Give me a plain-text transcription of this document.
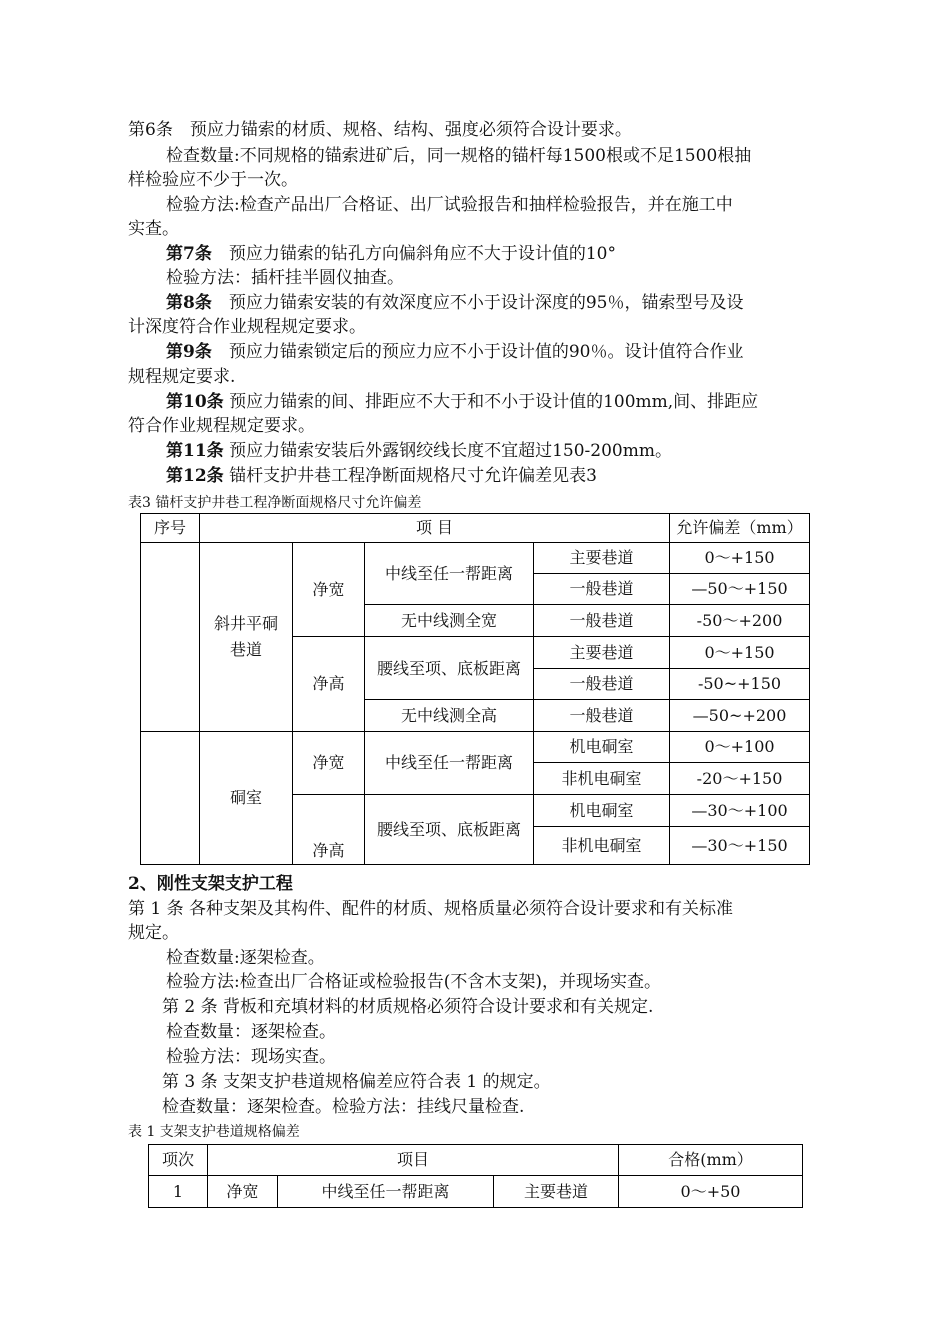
第6条　 预应力锚索的材质、规格、结构、强度必须符合设计要求。
检查数量:不同规格的锚索进矿后，同一规格的锚杆每1500根或不足1500根抽
样检验应不少于一次。
检验方法:检查产品出厂合格证、出厂试验报告和抽样检验报告，并在施工中
实查。
第7条　 预应力锚索的钻孔方向偏斜角应不大于设计值的10°
检验方法：插杆挂半圆仪抽查。
第8条　 预应力锚索安装的有效深度应不小于设计深度的95％，锚索型号及设
计深度符合作业规程规定要求。
第9条　 预应力锚索锁定后的预应力应不小于设计值的90％。设计值符合作业
规程规定要求.
第10条 预应力锚索的间、排距应不大于和不小于设计值的100mm,间、排距应
符合作业规程规定要求。
第11条 预应力锚索安装后外露钢绞线长度不宜超过150-200mm。
第12条 锚杆支护井巷工程净断面规格尺寸允许偏差见表3
表3 锚杆支护井巷工程净断面规格尺寸允许偏差
序号	项 目				允许偏差（mm）
	斜井平硐巷道	净宽	中线至任一帮距离	主要巷道	0～+150
				一般巷道	—50～+150
			无中线测全宽	一般巷道	-50～+200
		净高	腰线至项、底板距离	主要巷道	0～+150
				一般巷道	-50~+150
			无中线测全高	一般巷道	—50~+200
	硐室	净宽	中线至任一帮距离	机电硐室	0～+100
				非机电硐室	-20～+150
		净高	腰线至项、底板距离	机电硐室	—30～+100
				非机电硐室	—30～+150
2、刚性支架支护工程
第 1 条 各种支架及其构件、配件的材质、规格质量必须符合设计要求和有关标准
规定。
检查数量:逐架检查。
检验方法:检查出厂合格证或检验报告(不含木支架)，并现场实查。
第 2 条 背板和充填材料的材质规格必须符合设计要求和有关规定.
检查数量：逐架检查。
检验方法：现场实查。
第 3 条 支架支护巷道规格偏差应符合表 1 的规定。
检查数量：逐架检查。检验方法：挂线尺量检查.
表 1 支架支护巷道规格偏差
项次	项目			合格(mm）
1	净宽	中线至任一帮距离	主要巷道	0～+50
